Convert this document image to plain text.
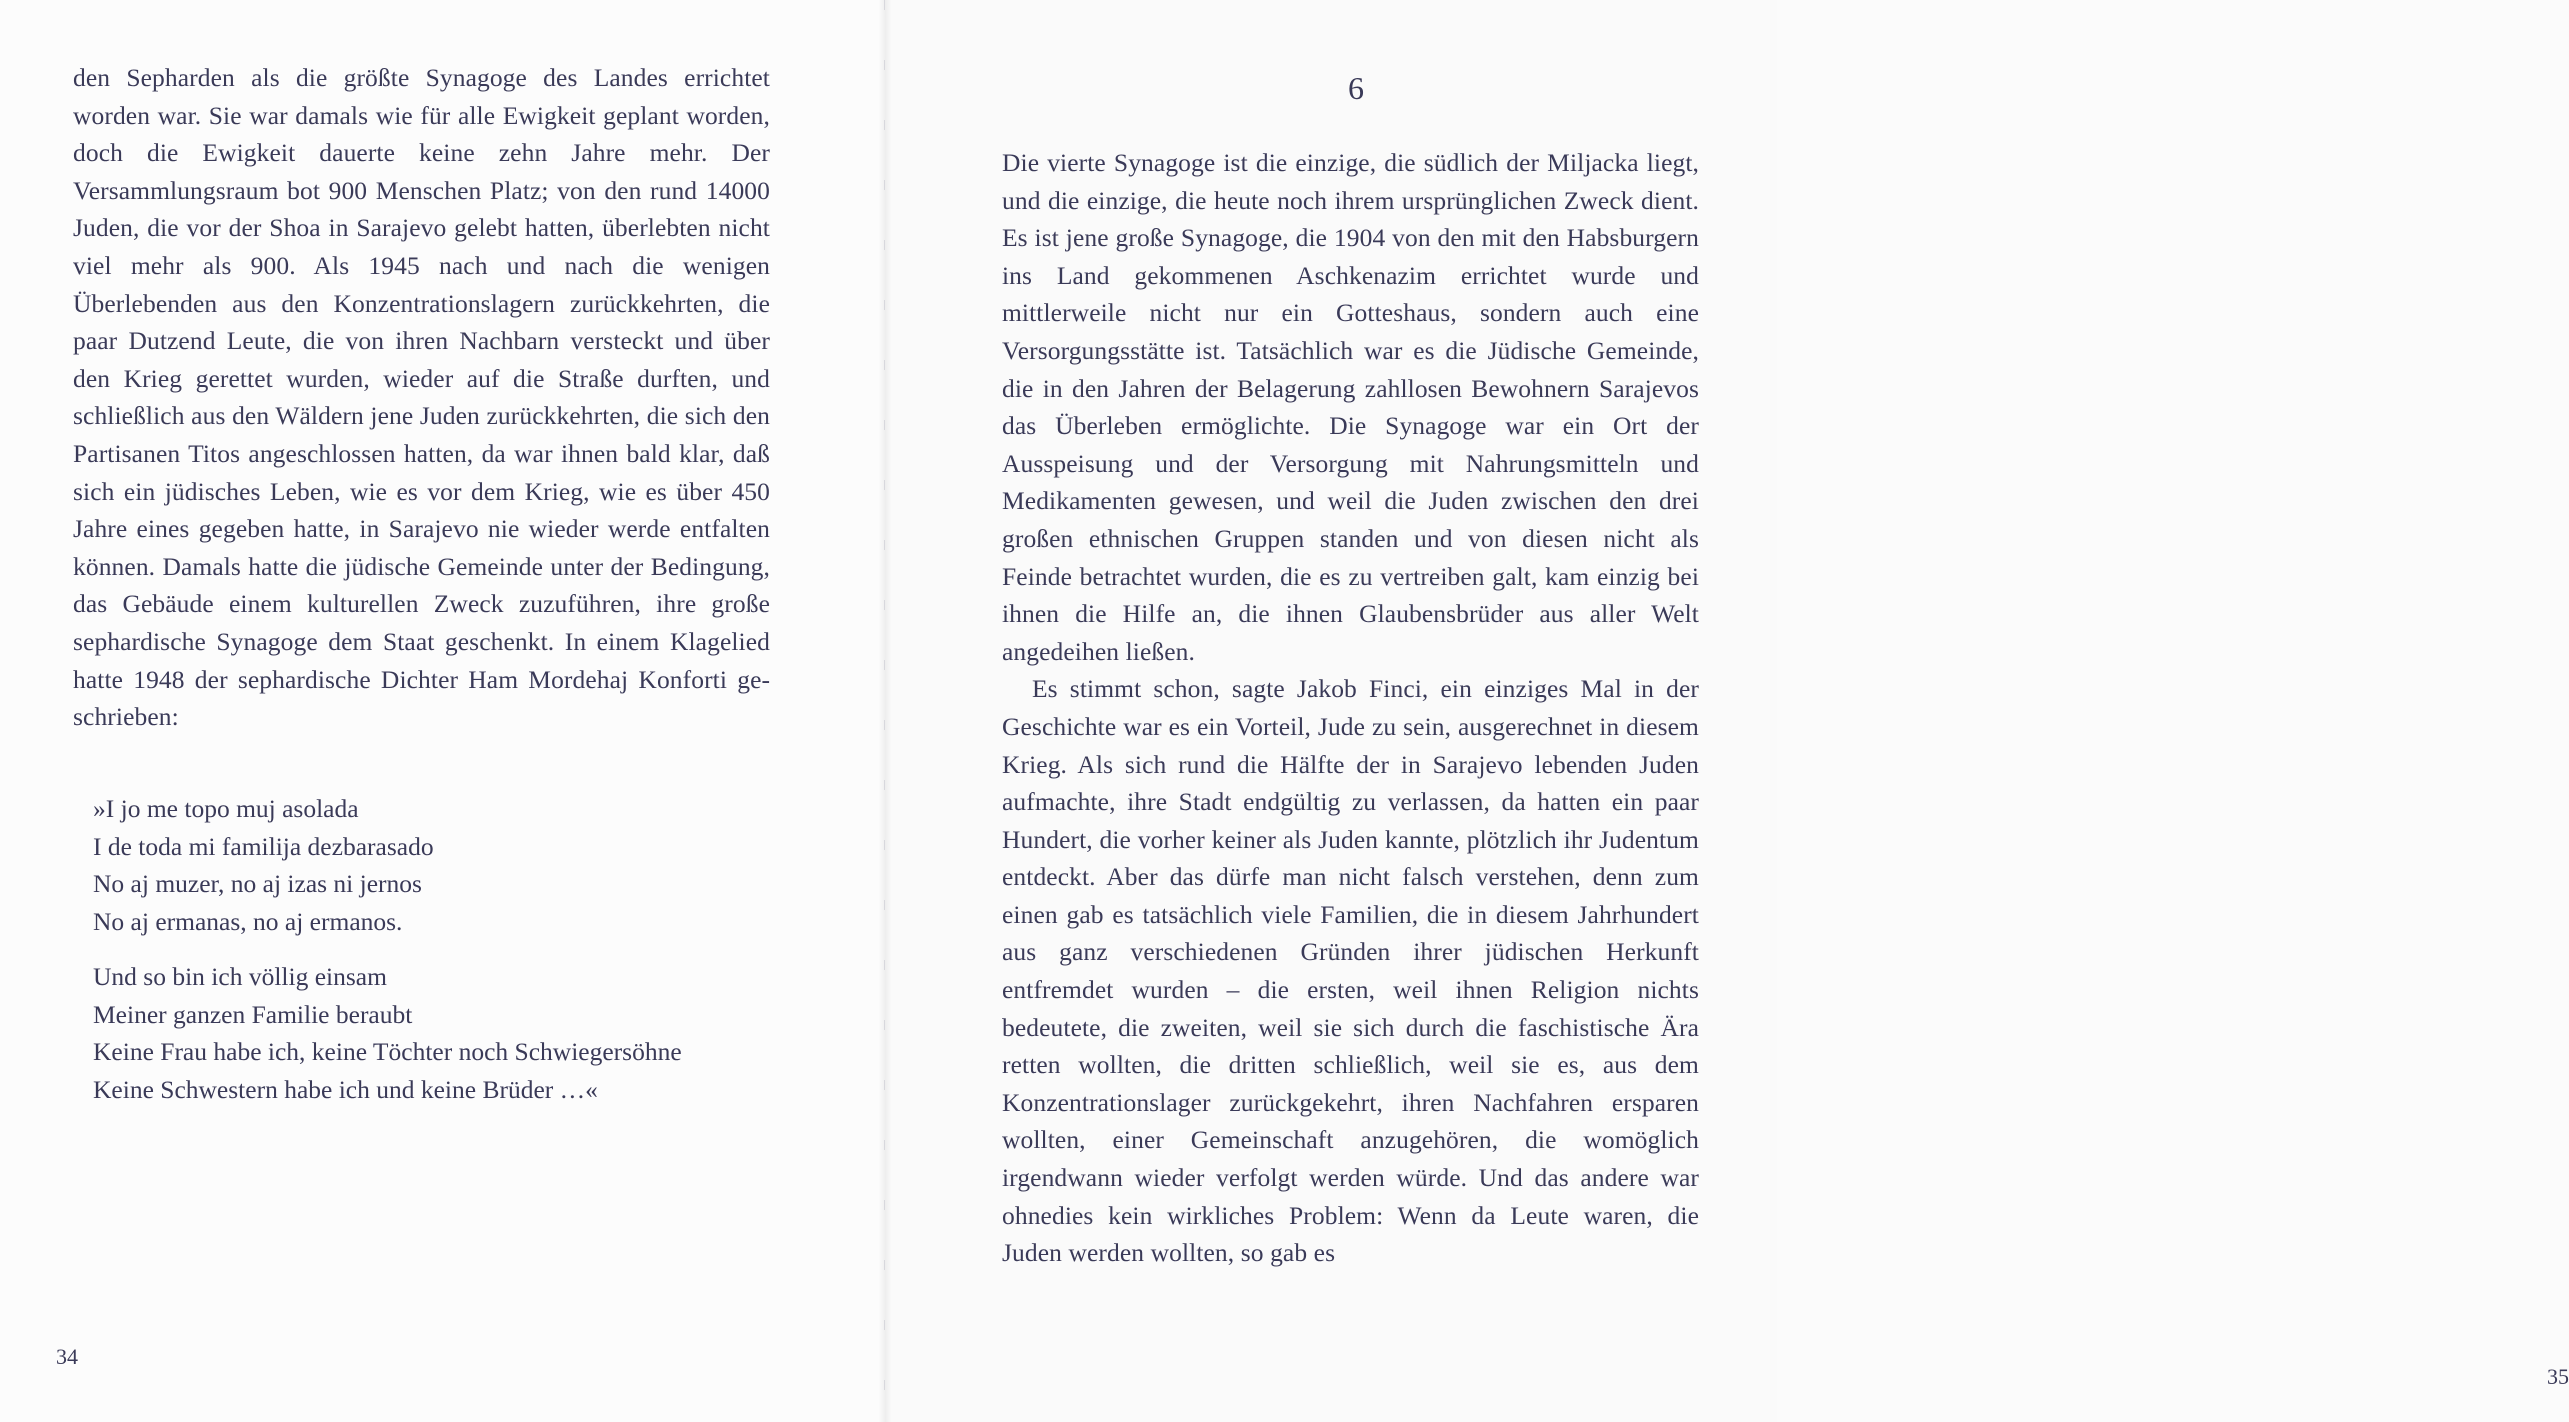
den Sepharden als die größte Synagoge des Landes errichtet worden war. Sie war damals wie für alle Ewigkeit geplant worden, doch die Ewigkeit dauerte keine zehn Jahre mehr. Der Versammlungsraum bot 900 Menschen Platz; von den rund 14000 Juden, die vor der Shoa in Sarajevo gelebt hatten, überlebten nicht viel mehr als 900. Als 1945 nach und nach die wenigen Überlebenden aus den Konzentrationslagern zurückkehrten, die paar Dutzend Leute, die von ihren Nachbarn versteckt und über den Krieg gerettet wurden, wieder auf die Straße durften, und schließlich aus den Wäldern jene Juden zurückkehrten, die sich den Partisanen Titos angeschlossen hatten, da war ihnen bald klar, daß sich ein jüdisches Leben, wie es vor dem Krieg, wie es über 450 Jahre eines gegeben hatte, in Sarajevo nie wieder werde entfalten können. Damals hatte die jüdische Gemeinde unter der Bedingung, das Gebäude einem kulturellen Zweck zuzuführen, ihre große sephardische Synagoge dem Staat geschenkt. In einem Klagelied hatte 1948 der sephardische Dichter Ham Mordehaj Konforti geschrieben:

»I jo me topo muj asolada
I de toda mi familija dezbarasado
No aj muzer, no aj izas ni jernos
No aj ermanas, no aj ermanos.
Und so bin ich völlig einsam
Meiner ganzen Familie beraubt
Keine Frau habe ich, keine Töchter noch Schwiegersöhne
Keine Schwestern habe ich und keine Brüder …«
34

Die vierte Synagoge ist die einzige, die südlich der Miljacka liegt, und die einzige, die heute noch ihrem ursprünglichen Zweck dient. Es ist jene große Synagoge, die 1904 von den mit den Habsburgern ins Land gekommenen Aschkenazim errichtet wurde und mittlerweile nicht nur ein Gotteshaus, sondern auch eine Versorgungsstätte ist. Tatsächlich war es die Jüdische Gemeinde, die in den Jahren der Belagerung zahllosen Bewohnern Sarajevos das Überleben ermöglichte. Die Synagoge war ein Ort der Ausspeisung und der Versorgung mit Nahrungsmitteln und Medikamenten gewesen, und weil die Juden zwischen den drei großen ethnischen Gruppen standen und von diesen nicht als Feinde betrachtet wurden, die es zu vertreiben galt, kam einzig bei ihnen die Hilfe an, die ihnen Glaubensbrüder aus aller Welt angedeihen ließen.

Es stimmt schon, sagte Jakob Finci, ein einziges Mal in der Geschichte war es ein Vorteil, Jude zu sein, ausgerechnet in diesem Krieg. Als sich rund die Hälfte der in Sarajevo lebenden Juden aufmachte, ihre Stadt endgültig zu verlassen, da hatten ein paar Hundert, die vorher keiner als Juden kannte, plötzlich ihr Judentum entdeckt. Aber das dürfe man nicht falsch verstehen, denn zum einen gab es tatsächlich viele Familien, die in diesem Jahrhundert aus ganz verschiedenen Gründen ihrer jüdischen Herkunft entfremdet wurden – die ersten, weil ihnen Religion nichts bedeutete, die zweiten, weil sie sich durch die faschistische Ära retten wollten, die dritten schließlich, weil sie es, aus dem Konzentrationslager zurückgekehrt, ihren Nachfahren ersparen wollten, einer Gemeinschaft anzugehören, die womöglich irgendwann wieder verfolgt werden würde. Und das andere war ohnedies kein wirkliches Problem: Wenn da Leute waren, die Juden werden wollten, so gab es

35
6
